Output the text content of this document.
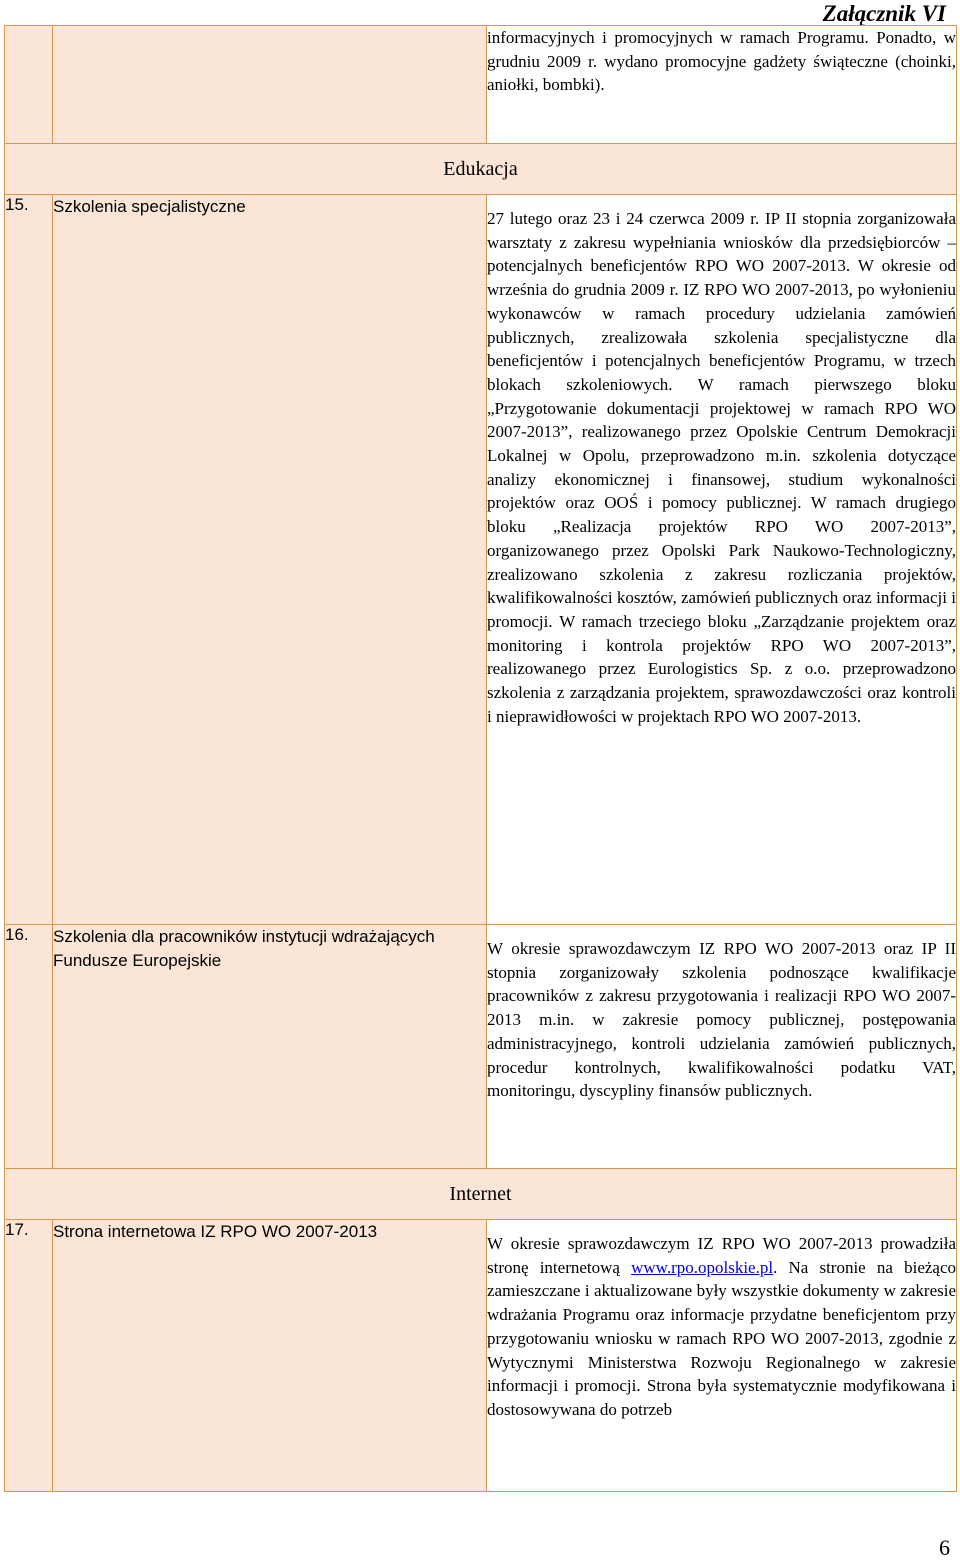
Załącznik VI

		informacyjnych i promocyjnych w ramach Programu. Ponadto, w grudniu 2009 r. wydano promocyjne gadżety świąteczne (choinki, aniołki, bombki).

Edukacja		
15.	Szkolenia specjalistyczne	27 lutego oraz 23 i 24 czerwca 2009 r. IP II stopnia zorganizowała warsztaty z zakresu wypełniania wniosków dla przedsiębiorców – potencjalnych beneficjentów RPO WO 2007-2013. W okresie od września do grudnia 2009 r. IZ RPO WO 2007-2013, po wyłonieniu wykonawców w ramach procedury udzielania zamówień publicznych, zrealizowała szkolenia specjalistyczne dla beneficjentów i potencjalnych beneficjentów Programu, w trzech blokach szkoleniowych. W ramach pierwszego bloku „Przygotowanie dokumentacji projektowej w ramach RPO WO 2007-2013”, realizowanego przez Opolskie Centrum Demokracji Lokalnej w Opolu, przeprowadzono m.in. szkolenia dotyczące analizy ekonomicznej i finansowej, studium wykonalności projektów oraz OOŚ i pomocy publicznej. W ramach drugiego bloku „Realizacja projektów RPO WO 2007-2013”, organizowanego przez Opolski Park Naukowo-Technologiczny, zrealizowano szkolenia z zakresu rozliczania projektów, kwalifikowalności kosztów, zamówień publicznych oraz informacji i promocji. W ramach trzeciego bloku „Zarządzanie projektem oraz monitoring i kontrola projektów RPO WO 2007-2013”, realizowanego przez Eurologistics Sp. z o.o. przeprowadzono szkolenia z zarządzania projektem, sprawozdawczości oraz kontroli i nieprawidłowości w projektach RPO WO 2007-2013.

16.	Szkolenia dla pracowników instytucji wdrażających Fundusze Europejskie	W okresie sprawozdawczym IZ RPO WO 2007-2013 oraz IP II stopnia zorganizowały szkolenia podnoszące kwalifikacje pracowników z zakresu przygotowania i realizacji RPO WO 2007-2013 m.in. w zakresie pomocy publicznej, postępowania administracyjnego, kontroli udzielania zamówień publicznych, procedur kontrolnych, kwalifikowalności podatku VAT, monitoringu, dyscypliny finansów publicznych.

Internet		
17.	Strona internetowa IZ RPO WO 2007-2013	W okresie sprawozdawczym IZ RPO WO 2007-2013 prowadziła stronę internetową www.rpo.opolskie.pl. Na stronie na bieżąco zamieszczane i aktualizowane były wszystkie dokumenty w zakresie wdrażania Programu oraz informacje przydatne beneficjentom przy przygotowaniu wniosku w ramach RPO WO 2007-2013, zgodnie z Wytycznymi Ministerstwa Rozwoju Regionalnego w zakresie informacji i promocji. Strona była systematycznie modyfikowana i dostosowywana do potrzeb

6
